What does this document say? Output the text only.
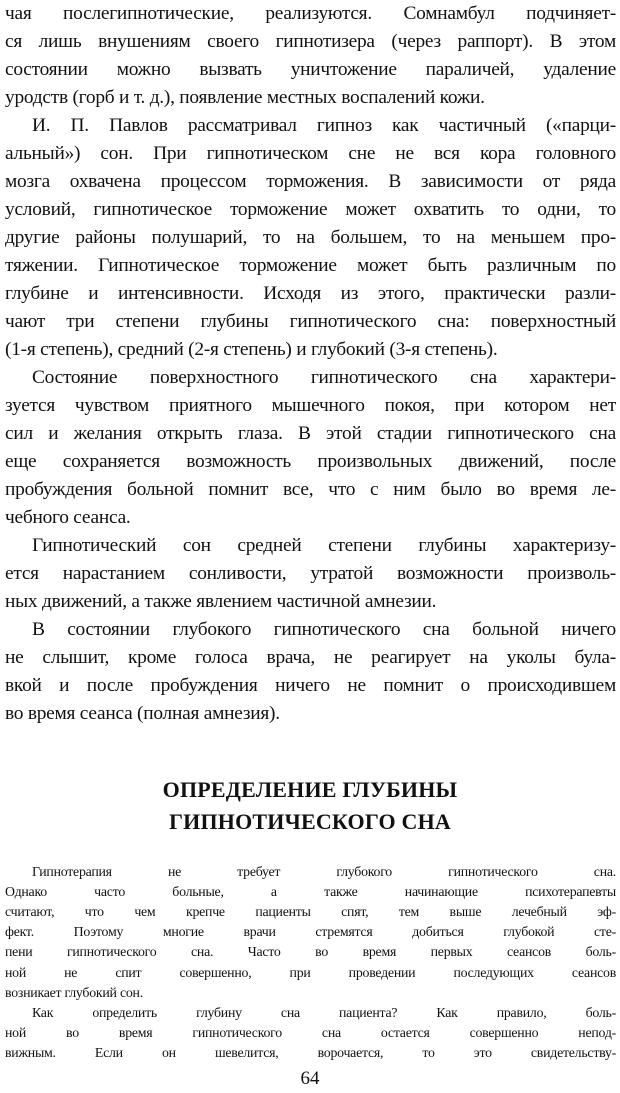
чая послегипнотические, реализуются. Сомнамбул подчиняет-
ся лишь внушениям своего гипнотизера (через раппорт). В этом
состоянии можно вызвать уничтожение параличей, удаление
уродств (горб и т. д.), появление местных воспалений кожи.
И. П. Павлов рассматривал гипноз как частичный («парци-
альный») сон. При гипнотическом сне не вся кора головного
мозга охвачена процессом торможения. В зависимости от ряда
условий, гипнотическое торможение может охватить то одни, то
другие районы полушарий, то на большем, то на меньшем про-
тяжении. Гипнотическое торможение может быть различным по
глубине и интенсивности. Исходя из этого, практически разли-
чают три степени глубины гипнотического сна: поверхностный
(1-я степень), средний (2-я степень) и глубокий (3-я степень).
Состояние поверхностного гипнотического сна характери-
зуется чувством приятного мышечного покоя, при котором нет
сил и желания открыть глаза. В этой стадии гипнотического сна
еще сохраняется возможность произвольных движений, после
пробуждения больной помнит все, что с ним было во время ле-
чебного сеанса.
Гипнотический сон средней степени глубины характеризу-
ется нарастанием сонливости, утратой возможности произволь-
ных движений, а также явлением частичной амнезии.
В состоянии глубокого гипнотического сна больной ничего
не слышит, кроме голоса врача, не реагирует на уколы була-
вкой и после пробуждения ничего не помнит о происходившем
во время сеанса (полная амнезия).
ОПРЕДЕЛЕНИЕ ГЛУБИНЫ
ГИПНОТИЧЕСКОГО СНА
Гипнотерапия не требует глубокого гипнотического сна.
Однако часто больные, а также начинающие психотерапевты
считают, что чем крепче пациенты спят, тем выше лечебный эф-
фект. Поэтому многие врачи стремятся добиться глубокой сте-
пени гипнотического сна. Часто во время первых сеансов боль-
ной не спит совершенно, при проведении последующих сеансов
возникает глубокий сон.
Как определить глубину сна пациента? Как правило, боль-
ной во время гипнотического сна остается совершенно непод-
вижным. Если он шевелится, ворочается, то это свидетельству-
64
